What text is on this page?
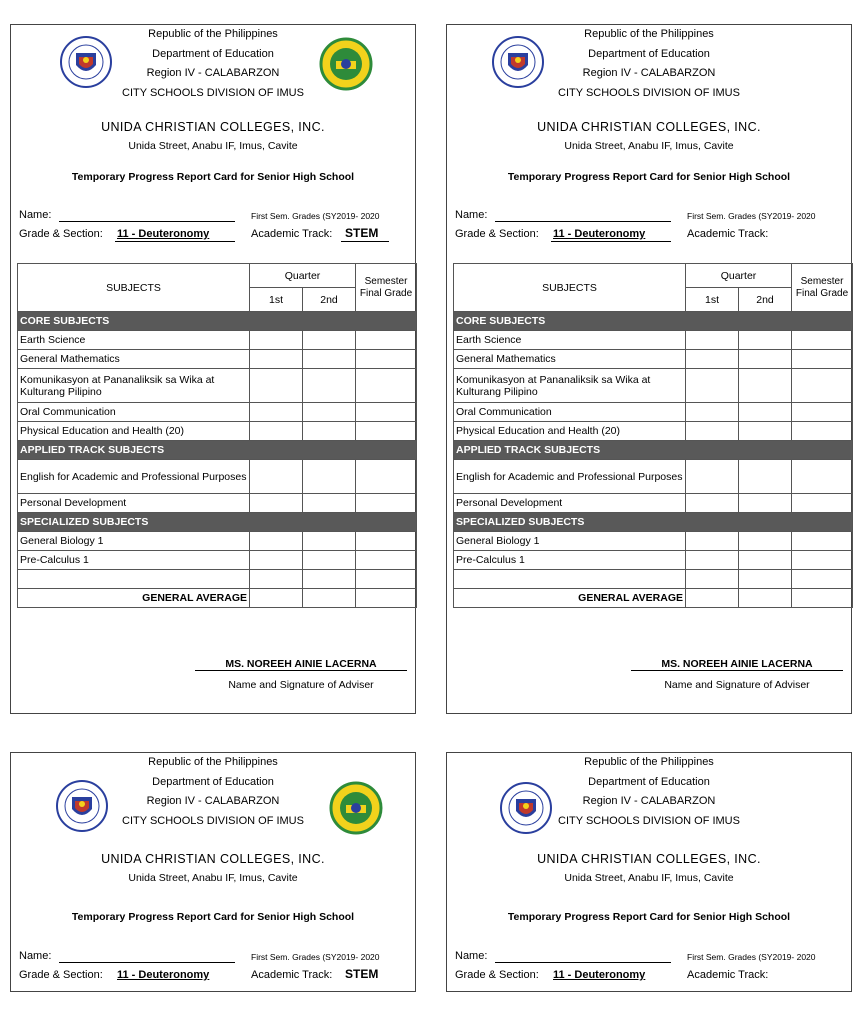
Republic of the Philippines
Department of Education
Region IV - CALABARZON
CITY SCHOOLS DIVISION OF IMUS
UNIDA CHRISTIAN COLLEGES, INC.
Unida Street, Anabu IF, Imus, Cavite
Temporary Progress Report Card for Senior High School
Name:	First Sem. Grades (SY2019- 2020
Grade & Section: 11 - Deuteronomy	Academic Track: STEM
SUBJECTS	Quarter		Semester Final Grade
	1st	2nd	
CORE SUBJECTS			
Earth Science			
General Mathematics			
Komunikasyon at Pananaliksik sa Wika at Kulturang Pilipino			
Oral Communication			
Physical Education and Health (20)			
APPLIED TRACK SUBJECTS			
English for Academic and Professional Purposes			
Personal Development			
SPECIALIZED SUBJECTS			
General Biology 1			
Pre-Calculus 1			

GENERAL AVERAGE			
MS. NOREEH AINIE LACERNA
Name and Signature of Adviser
Republic of the Philippines
Department of Education
Region IV - CALABARZON
CITY SCHOOLS DIVISION OF IMUS
UNIDA CHRISTIAN COLLEGES, INC.
Unida Street, Anabu IF, Imus, Cavite
Temporary Progress Report Card for Senior High School
Name:	First Sem. Grades (SY2019- 2020
Grade & Section: 11 - Deuteronomy	Academic Track:
SUBJECTS	Quarter		Semester Final Grade
	1st	2nd	
CORE SUBJECTS			
Earth Science			
General Mathematics			
Komunikasyon at Pananaliksik sa Wika at Kulturang Pilipino			
Oral Communication			
Physical Education and Health (20)			
APPLIED TRACK SUBJECTS			
English for Academic and Professional Purposes			
Personal Development			
SPECIALIZED SUBJECTS			
General Biology 1			
Pre-Calculus 1			

GENERAL AVERAGE			
MS. NOREEH AINIE LACERNA
Name and Signature of Adviser
Republic of the Philippines
Department of Education
Region IV - CALABARZON
CITY SCHOOLS DIVISION OF IMUS
UNIDA CHRISTIAN COLLEGES, INC.
Unida Street, Anabu IF, Imus, Cavite
Temporary Progress Report Card for Senior High School
Name:	First Sem. Grades (SY2019- 2020
Grade & Section: 11 - Deuteronomy	Academic Track: STEM
Republic of the Philippines
Department of Education
Region IV - CALABARZON
CITY SCHOOLS DIVISION OF IMUS
UNIDA CHRISTIAN COLLEGES, INC.
Unida Street, Anabu IF, Imus, Cavite
Temporary Progress Report Card for Senior High School
Name:	First Sem. Grades (SY2019- 2020
Grade & Section: 11 - Deuteronomy	Academic Track:
